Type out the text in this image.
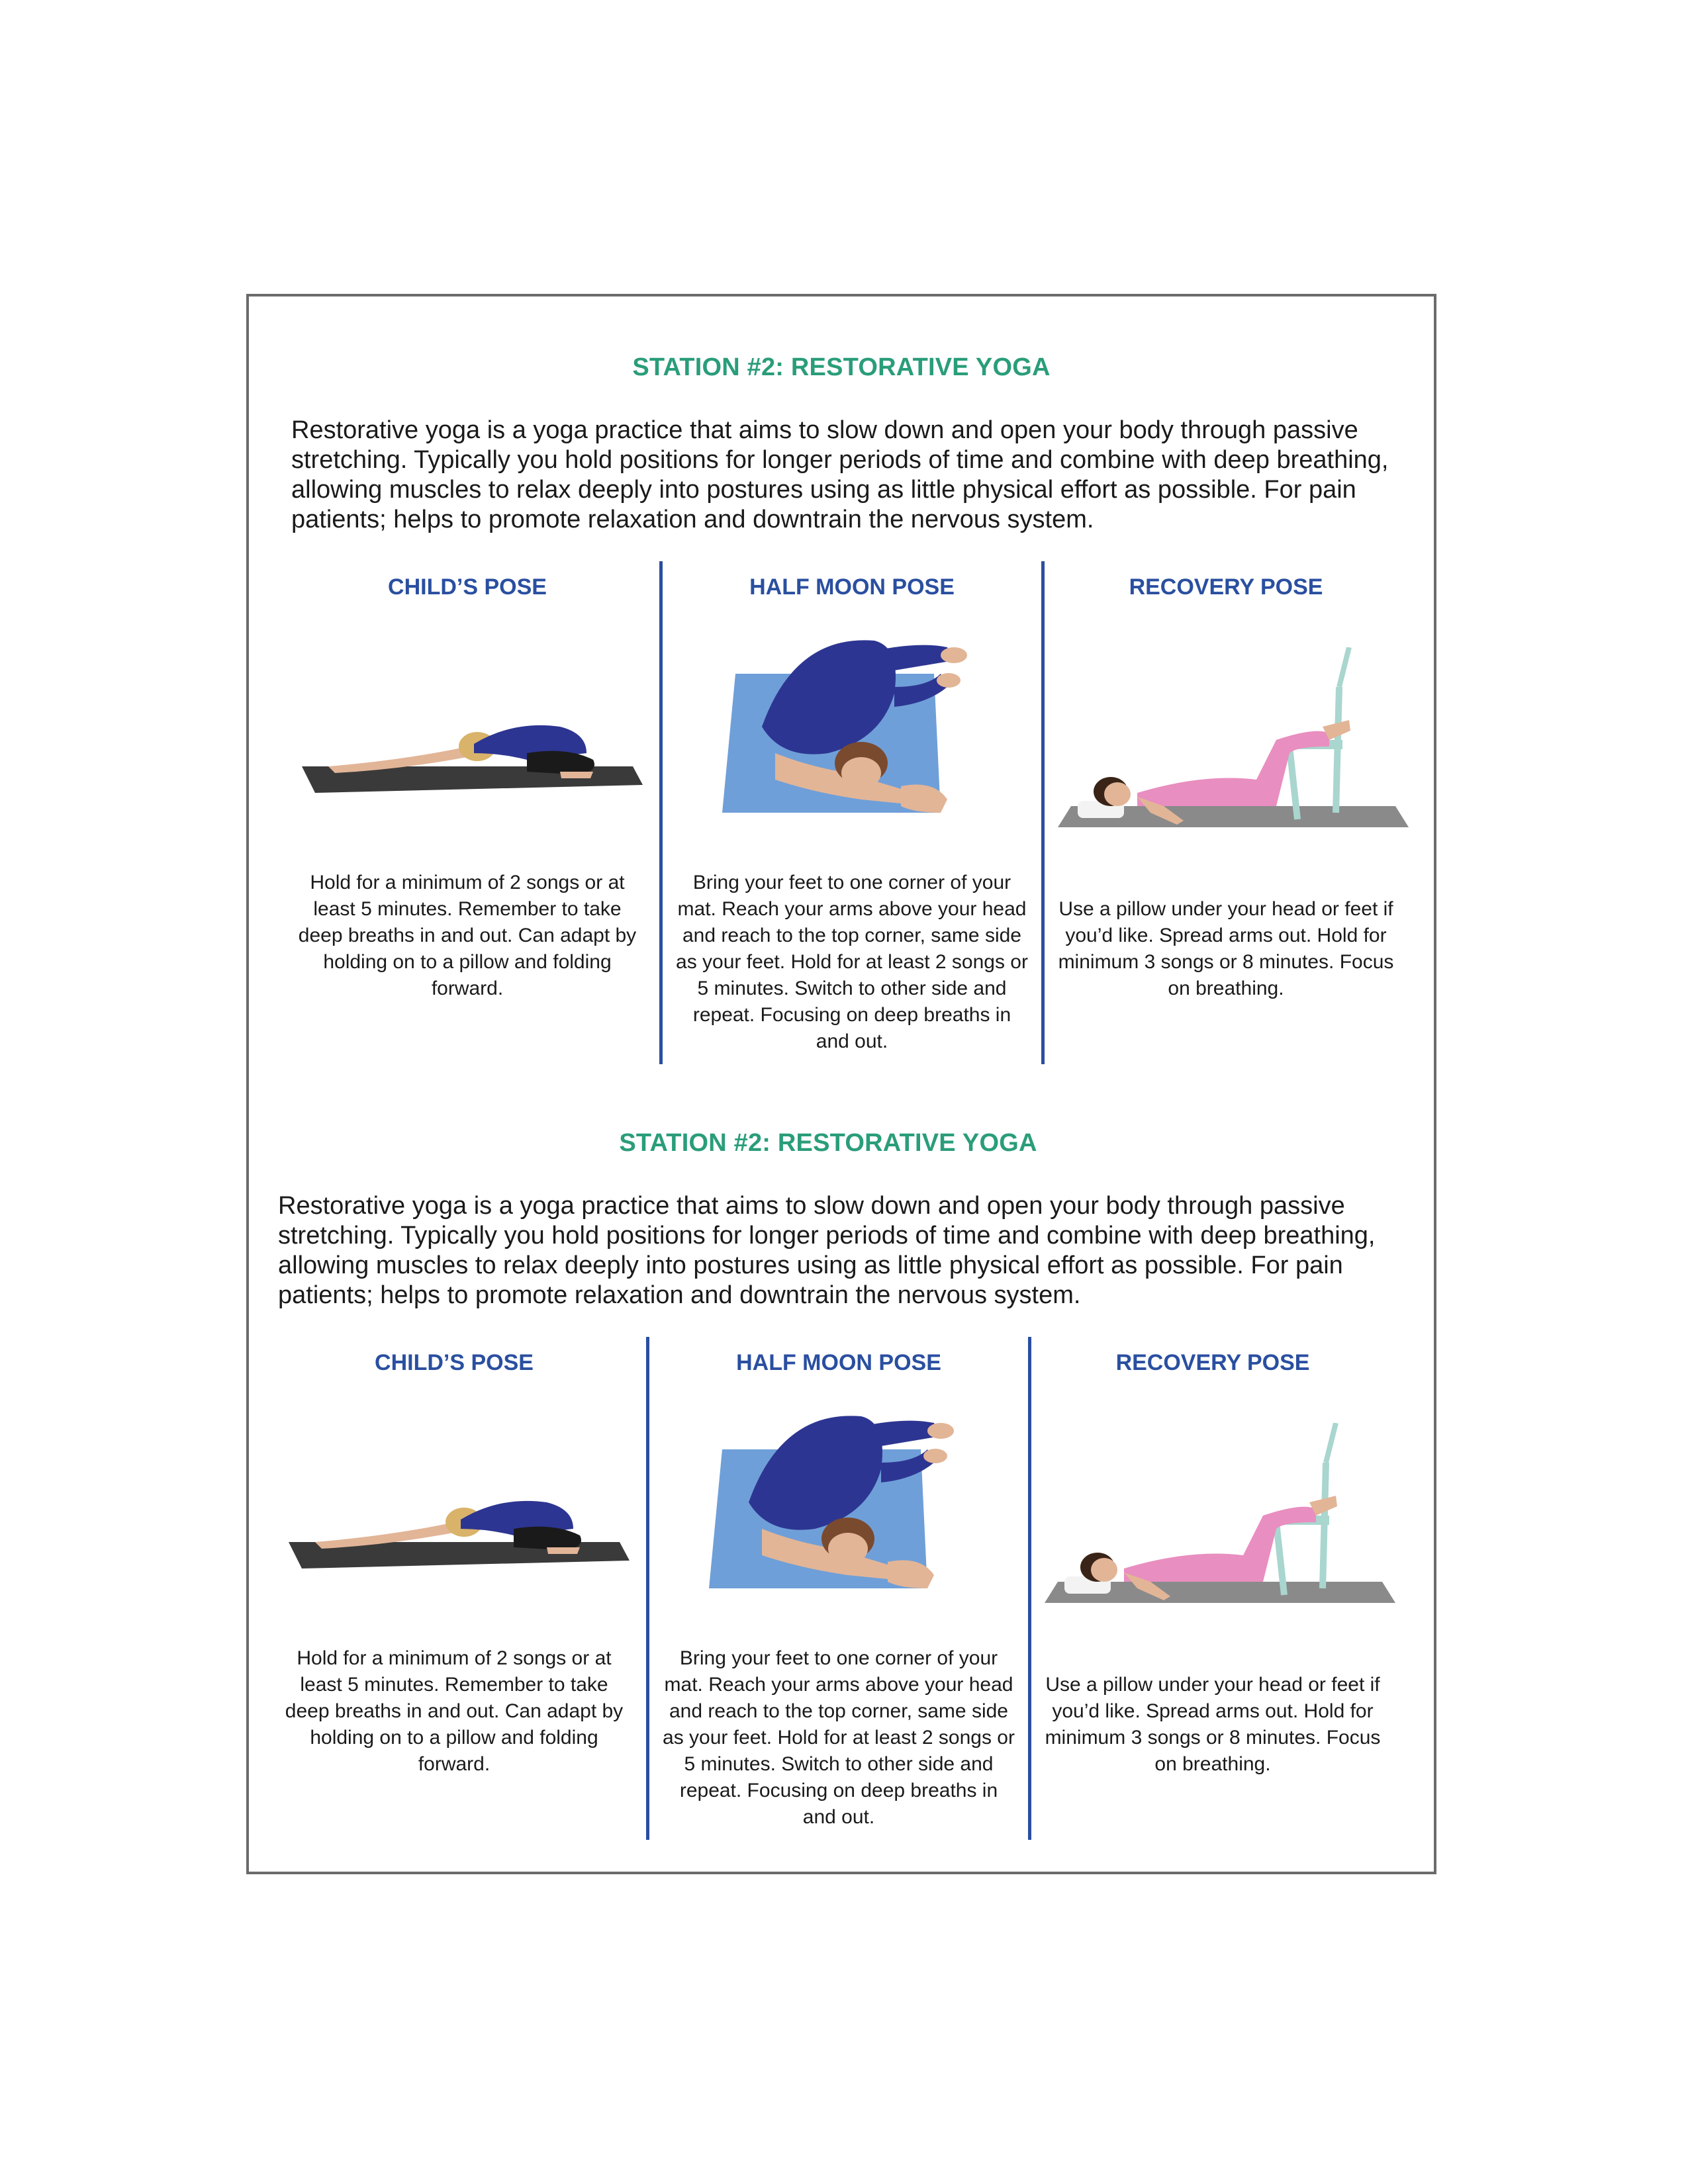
STATION #2: RESTORATIVE YOGA

Restorative yoga is a yoga practice that aims to slow down and open your body through passive stretching. Typically you hold positions for longer periods of time and combine with deep breathing, allowing muscles to relax deeply into postures using as little physical effort as possible. For pain patients; helps to promote relaxation and downtrain the nervous system.

CHILD’S POSE
Hold for a minimum of 2 songs or at least 5 minutes. Remember to take deep breaths in and out. Can adapt by holding on to a pillow and folding forward.
HALF MOON POSE
Bring your feet to one corner of your mat. Reach your arms above your head and reach to the top corner, same side as your feet. Hold for at least 2 songs or 5 minutes. Switch to other side and repeat. Focusing on deep breaths in and out.
RECOVERY POSE
Use a pillow under your head or feet if you’d like. Spread arms out. Hold for minimum 3 songs or 8 minutes. Focus on breathing.
STATION #2: RESTORATIVE YOGA

Restorative yoga is a yoga practice that aims to slow down and open your body through passive stretching. Typically you hold positions for longer periods of time and combine with deep breathing, allowing muscles to relax deeply into postures using as little physical effort as possible. For pain patients; helps to promote relaxation and downtrain the nervous system.

CHILD’S POSE
Hold for a minimum of 2 songs or at least 5 minutes. Remember to take deep breaths in and out. Can adapt by holding on to a pillow and folding forward.
HALF MOON POSE
Bring your feet to one corner of your mat. Reach your arms above your head and reach to the top corner, same side as your feet. Hold for at least 2 songs or 5 minutes. Switch to other side and repeat. Focusing on deep breaths in and out.
RECOVERY POSE
Use a pillow under your head or feet if you’d like. Spread arms out. Hold for minimum 3 songs or 8 minutes. Focus on breathing.
